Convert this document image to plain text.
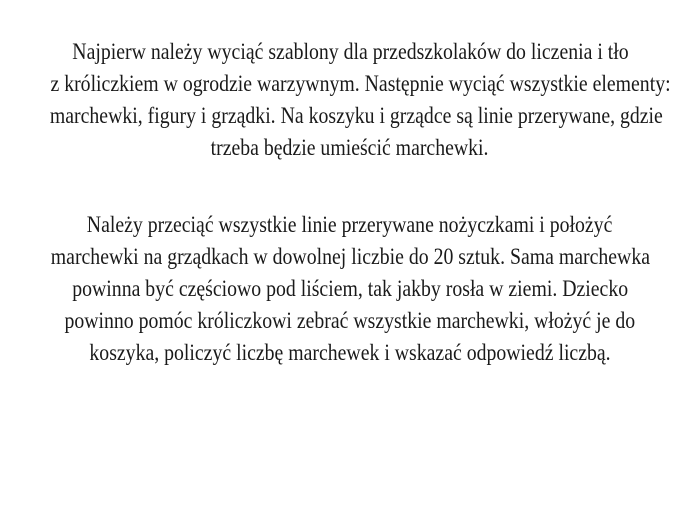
Najpierw należy wyciąć szablony dla przedszkolaków do liczenia i tło
z króliczkiem w ogrodzie warzywnym. Następnie wyciąć wszystkie elementy:
marchewki, figury i grządki. Na koszyku i grządce są linie przerywane, gdzie
trzeba będzie umieścić marchewki.
Należy przeciąć wszystkie linie przerywane nożyczkami i położyć
marchewki na grządkach w dowolnej liczbie do 20 sztuk. Sama marchewka
powinna być częściowo pod liściem, tak jakby rosła w ziemi. Dziecko
powinno pomóc króliczkowi zebrać wszystkie marchewki, włożyć je do
koszyka, policzyć liczbę marchewek i wskazać odpowiedź liczbą.
